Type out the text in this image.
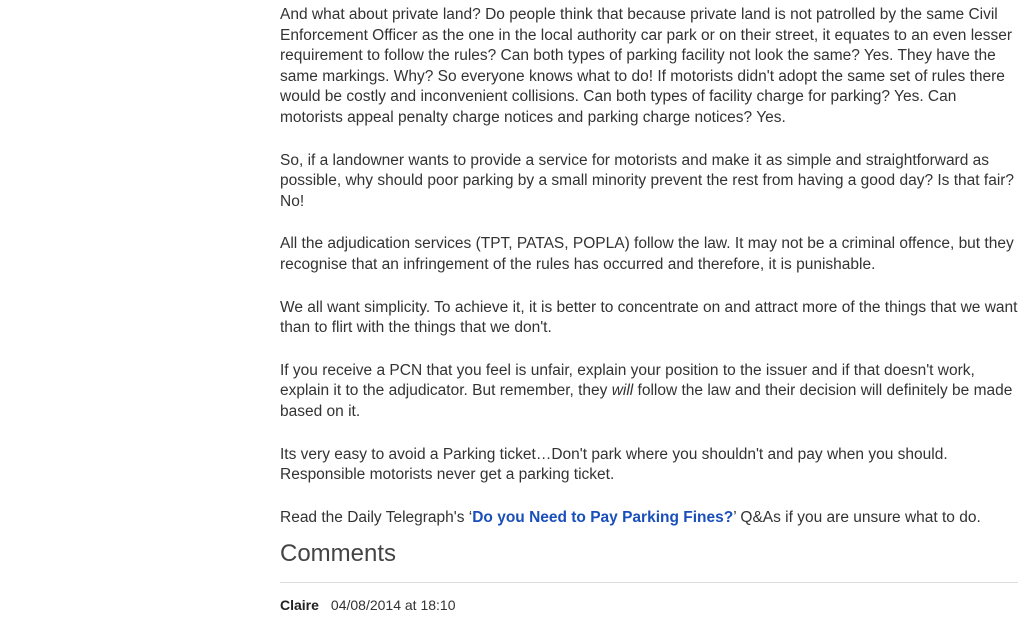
And what about private land? Do people think that because private land is not patrolled by the same Civil Enforcement Officer as the one in the local authority car park or on their street, it equates to an even lesser requirement to follow the rules? Can both types of parking facility not look the same? Yes. They have the same markings. Why? So everyone knows what to do! If motorists didn't adopt the same set of rules there would be costly and inconvenient collisions. Can both types of facility charge for parking? Yes. Can motorists appeal penalty charge notices and parking charge notices? Yes.

So, if a landowner wants to provide a service for motorists and make it as simple and straightforward as possible, why should poor parking by a small minority prevent the rest from having a good day? Is that fair? No!

All the adjudication services (TPT, PATAS, POPLA) follow the law. It may not be a criminal offence, but they recognise that an infringement of the rules has occurred and therefore, it is punishable.

We all want simplicity. To achieve it, it is better to concentrate on and attract more of the things that we want than to flirt with the things that we don't.

If you receive a PCN that you feel is unfair, explain your position to the issuer and if that doesn't work, explain it to the adjudicator. But remember, they will follow the law and their decision will definitely be made based on it.

Its very easy to avoid a Parking ticket…Don't park where you shouldn't and pay when you should. Responsible motorists never get a parking ticket.

Read the Daily Telegraph's ‘Do you Need to Pay Parking Fines?’ Q&As if you are unsure what to do.

Comments
Claire 04/08/2014 at 18:10
